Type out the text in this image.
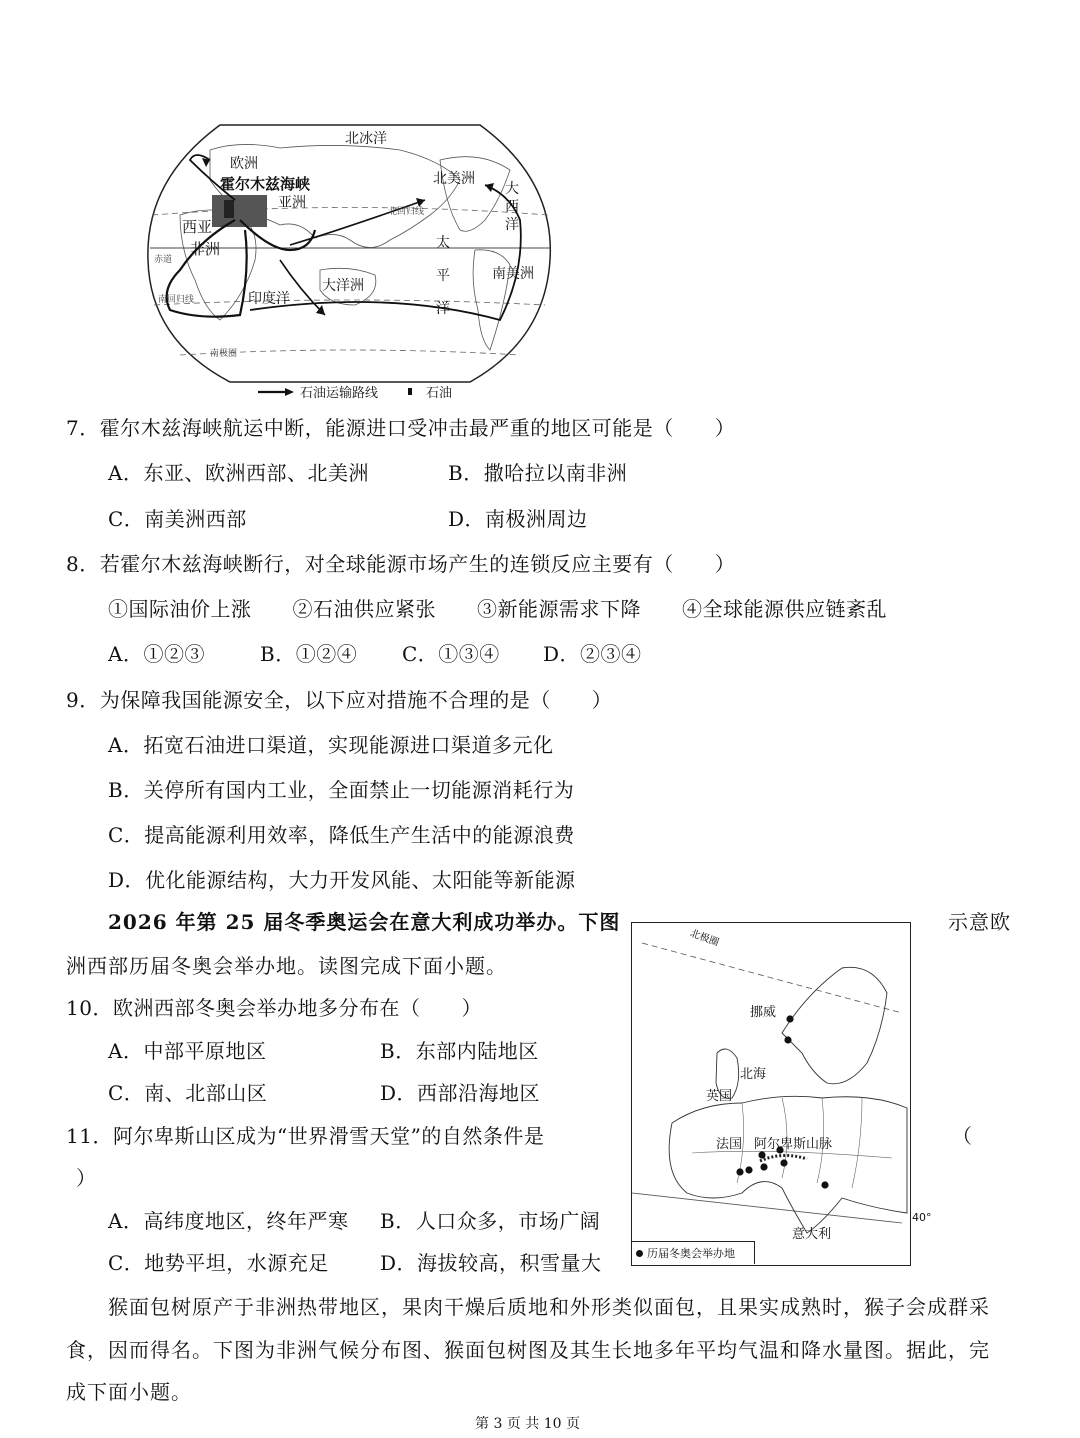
北冰洋
欧洲
霍尔木兹海峡
亚洲
西亚
非洲
北美洲
大西洋
太
平
洋
南美洲
印度洋
大洋洲
赤道
北回归线
南回归线
南极圈
石油运输路线	石油
7．霍尔木兹海峡航运中断，能源进口受冲击最严重的地区可能是（　　）
A．东亚、欧洲西部、北美洲	B．撒哈拉以南非洲
C．南美洲西部	D．南极洲周边
8．若霍尔木兹海峡断行，对全球能源市场产生的连锁反应主要有（　　）
①国际油价上涨　　②石油供应紧张　　③新能源需求下降　　④全球能源供应链紊乱
A．①②③	B．①②④ C．①③④ D．②③④
9．为保障我国能源安全，以下应对措施不合理的是（　　）
A．拓宽石油进口渠道，实现能源进口渠道多元化
B．关停所有国内工业，全面禁止一切能源消耗行为
C．提高能源利用效率，降低生产生活中的能源浪费
D．优化能源结构，大力开发风能、太阳能等新能源
2026 年第 25 届冬季奥运会在意大利成功举办。下图	示意欧
洲西部历届冬奥会举办地。读图完成下面小题。
10．欧洲西部冬奥会举办地多分布在（　　）
A．中部平原地区	B．东部内陆地区
C．南、北部山区	D．西部沿海地区
11．阿尔卑斯山区成为“世界滑雪天堂”的自然条件是	（
）
A．高纬度地区，终年严寒 B．人口众多，市场广阔
C．地势平坦，水源充足	D．海拔较高，积雪量大
北极圈
挪威
北海
英国
法国 阿尔卑斯山脉
意大利
40°
历届冬奥会举办地
猴面包树原产于非洲热带地区，果肉干燥后质地和外形类似面包，且果实成熟时，猴子会成群采
食，因而得名。下图为非洲气候分布图、猴面包树图及其生长地多年平均气温和降水量图。据此，完
成下面小题。
第 3 页 共 10 页
